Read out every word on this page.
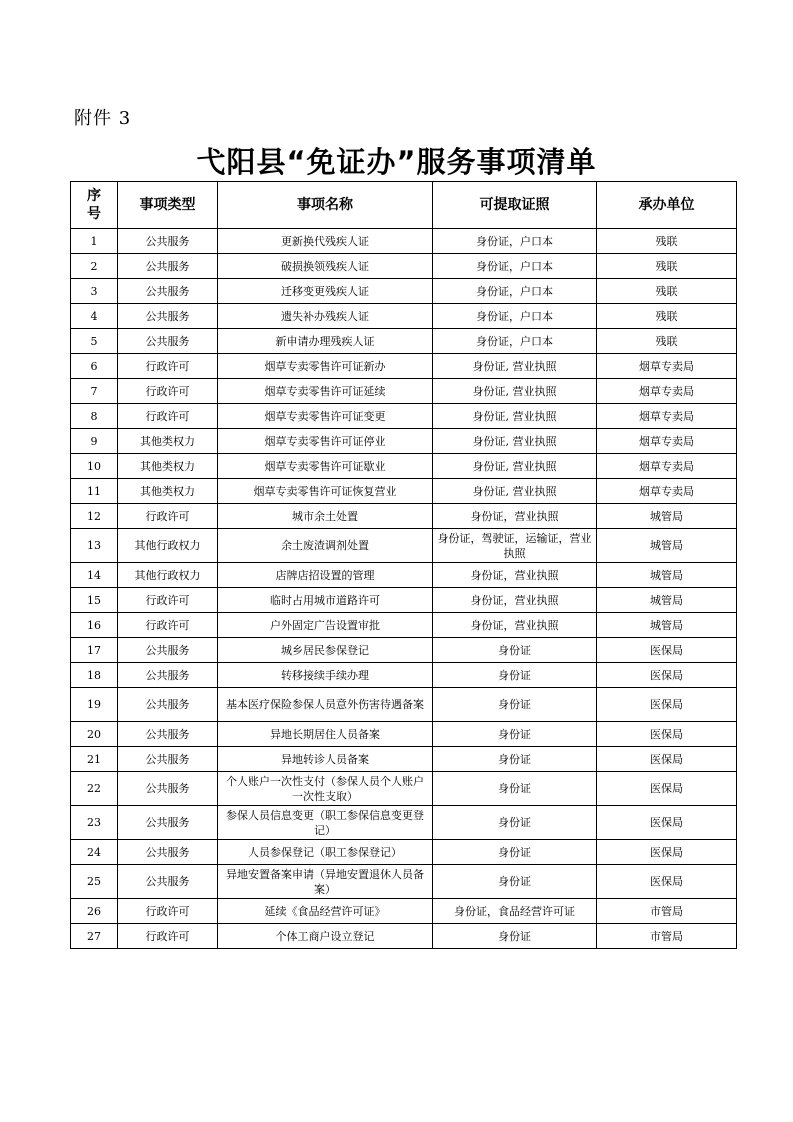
附件 3
弋阳县“免证办”服务事项清单
序
号	事项类型	事项名称	可提取证照	承办单位
1	公共服务	更新换代残疾人证	身份证，户口本	残联
2	公共服务	破损换领残疾人证	身份证，户口本	残联
3	公共服务	迁移变更残疾人证	身份证，户口本	残联
4	公共服务	遗失补办残疾人证	身份证，户口本	残联
5	公共服务	新申请办理残疾人证	身份证，户口本	残联
6	行政许可	烟草专卖零售许可证新办	身份证, 营业执照	烟草专卖局
7	行政许可	烟草专卖零售许可证延续	身份证, 营业执照	烟草专卖局
8	行政许可	烟草专卖零售许可证变更	身份证, 营业执照	烟草专卖局
9	其他类权力	烟草专卖零售许可证停业	身份证, 营业执照	烟草专卖局
10	其他类权力	烟草专卖零售许可证歇业	身份证, 营业执照	烟草专卖局
11	其他类权力	烟草专卖零售许可证恢复营业	身份证, 营业执照	烟草专卖局
12	行政许可	城市余土处置	身份证，营业执照	城管局
13	其他行政权力	余土废渣调剂处置	身份证，驾驶证，运输证，营业执照	城管局
14	其他行政权力	店牌店招设置的管理	身份证，营业执照	城管局
15	行政许可	临时占用城市道路许可	身份证，营业执照	城管局
16	行政许可	户外固定广告设置审批	身份证，营业执照	城管局
17	公共服务	城乡居民参保登记	身份证	医保局
18	公共服务	转移接续手续办理	身份证	医保局
19	公共服务	基本医疗保险参保人员意外伤害待遇备案	身份证	医保局
20	公共服务	异地长期居住人员备案	身份证	医保局
21	公共服务	异地转诊人员备案	身份证	医保局
22	公共服务	个人账户一次性支付（参保人员个人账户一次性支取）	身份证	医保局
23	公共服务	参保人员信息变更（职工参保信息变更登记）	身份证	医保局
24	公共服务	人员参保登记（职工参保登记）	身份证	医保局
25	公共服务	异地安置备案申请（异地安置退休人员备案）	身份证	医保局
26	行政许可	延续《食品经营许可证》	身份证，食品经营许可证	市管局
27	行政许可	个体工商户设立登记	身份证	市管局
